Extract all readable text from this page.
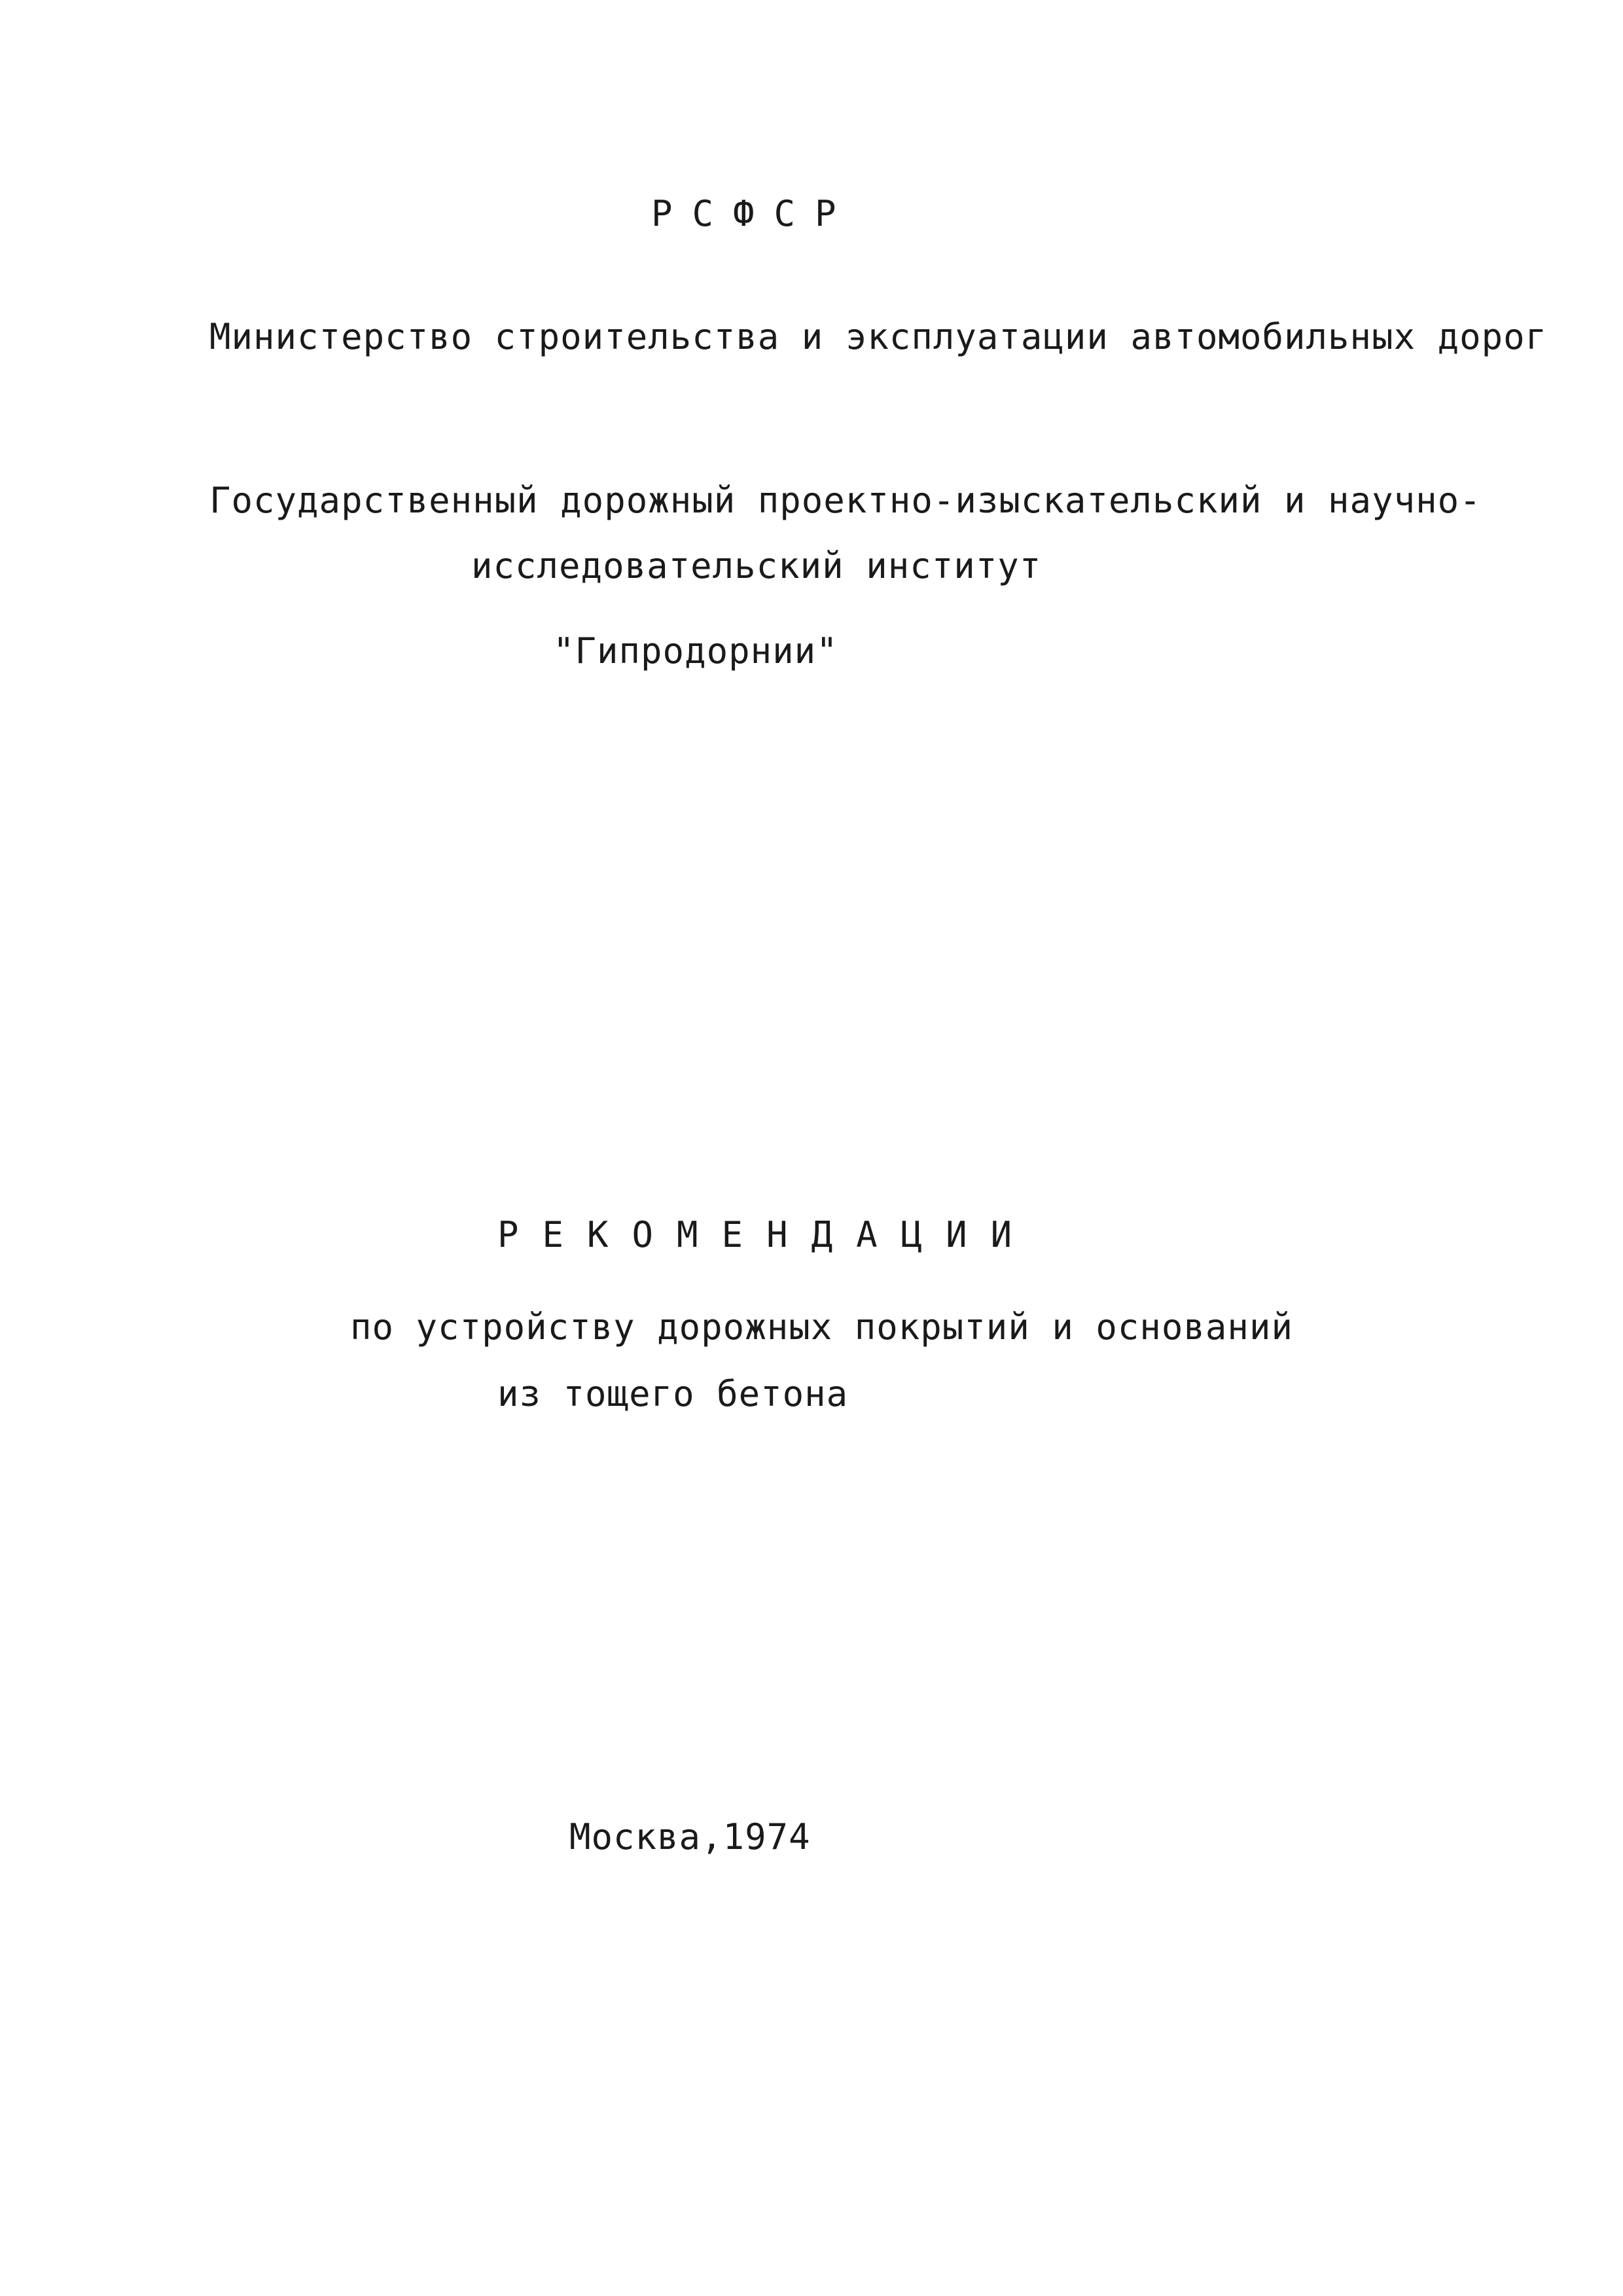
РСФСР
Министерство строительства и эксплуатации автомобильных дорог
Государственный дорожный проектно-изыскательский и научно-
исследовательский институт
"Гипродорнии"
РЕКОМЕНДАЦИИ
по устройству дорожных покрытий и оснований
из тощего бетона
Москва,1974
